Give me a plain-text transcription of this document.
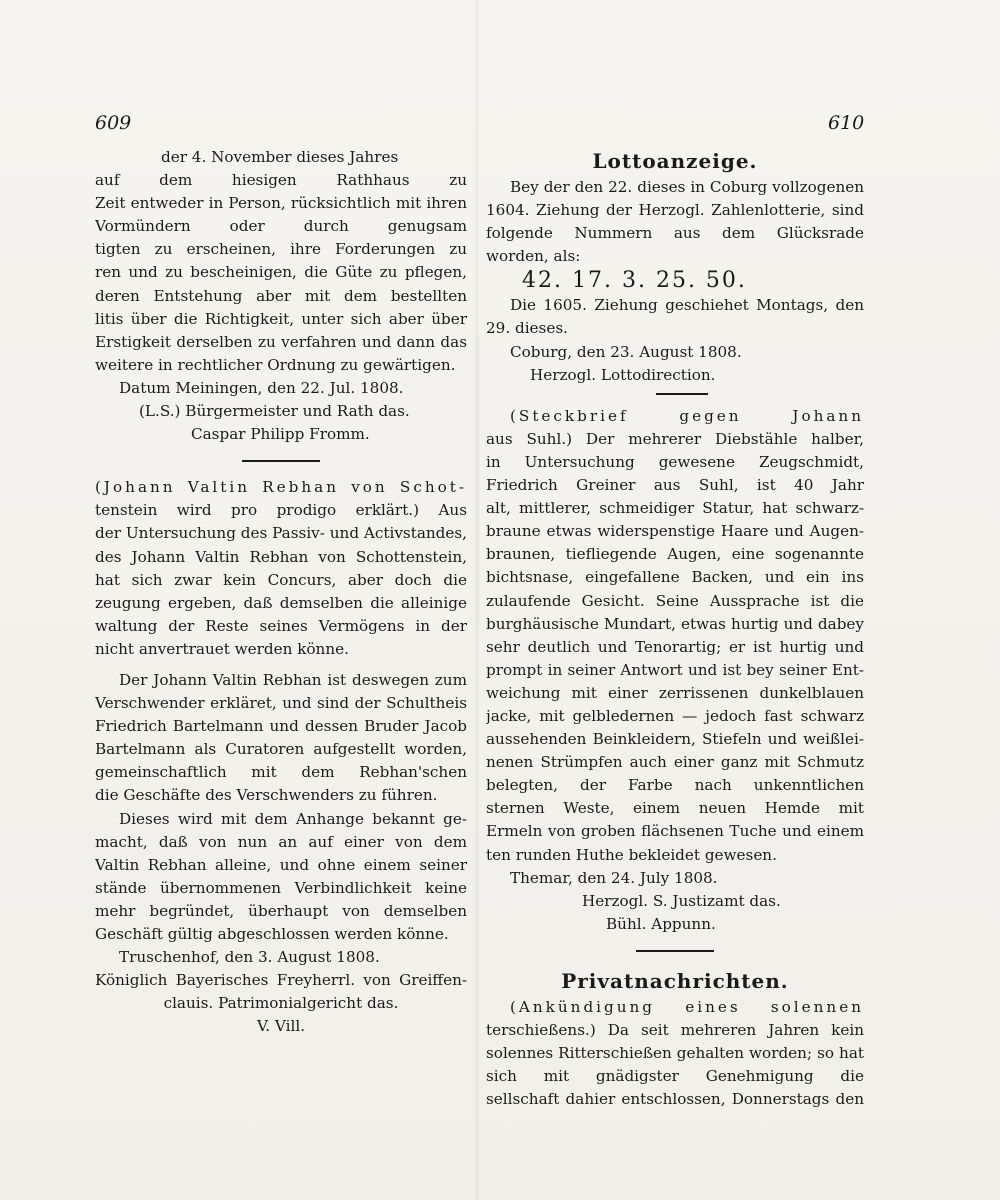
609	610
der 4. November dieses Jahres
auf dem hiesigen Rathhaus zu
Zeit entweder in Person, rücksichtlich mit ihren
Vormündern oder durch genugsam
tigten zu erscheinen, ihre Forderungen zu
ren und zu bescheinigen, die Güte zu pflegen,
deren Entstehung aber mit dem bestellten
litis über die Richtigkeit, unter sich aber über
Erstigkeit derselben zu verfahren und dann das
weitere in rechtlicher Ordnung zu gewärtigen.
Datum Meiningen, den 22. Jul. 1808.
(L.S.) Bürgermeister und Rath das.
Caspar Philipp Fromm.
(Johann Valtin Rebhan von Schot-
tenstein wird pro prodigo erklärt.) Aus
der Untersuchung des Passiv- und Activstandes,
des Johann Valtin Rebhan von Schottenstein,
hat sich zwar kein Concurs, aber doch die
zeugung ergeben, daß demselben die alleinige
waltung der Reste seines Vermögens in der
nicht anvertrauet werden könne.
Der Johann Valtin Rebhan ist deswegen zum
Verschwender erkläret, und sind der Schultheis
Friedrich Bartelmann und dessen Bruder Jacob
Bartelmann als Curatoren aufgestellt worden,
gemeinschaftlich mit dem Rebhan'schen
die Geschäfte des Verschwenders zu führen.
Dieses wird mit dem Anhange bekannt ge-
macht, daß von nun an auf einer von dem
Valtin Rebhan alleine, und ohne einem seiner
stände übernommenen Verbindlichkeit keine
mehr begründet, überhaupt von demselben
Geschäft gültig abgeschlossen werden könne.
Truschenhof, den 3. August 1808.
Königlich Bayerisches Freyherrl. von Greiffen-
clauis. Patrimonialgericht das.
V. Vill.
Lottoanzeige.
Bey der den 22. dieses in Coburg vollzogenen
1604. Ziehung der Herzogl. Zahlenlotterie, sind
folgende Nummern aus dem Glücksrade
worden, als:
42. 17. 3. 25. 50.
Die 1605. Ziehung geschiehet Montags, den
29. dieses.
Coburg, den 23. August 1808.
Herzogl. Lottodirection.
(Steckbrief gegen Johann
aus Suhl.) Der mehrerer Diebstähle halber,
in Untersuchung gewesene Zeugschmidt,
Friedrich Greiner aus Suhl, ist 40 Jahr
alt, mittlerer, schmeidiger Statur, hat schwarz-
braune etwas widerspenstige Haare und Augen-
braunen, tiefliegende Augen, eine sogenannte
bichtsnase, eingefallene Backen, und ein ins
zulaufende Gesicht. Seine Aussprache ist die
burghäusische Mundart, etwas hurtig und dabey
sehr deutlich und Tenorartig; er ist hurtig und
prompt in seiner Antwort und ist bey seiner Ent-
weichung mit einer zerrissenen dunkelblauen
jacke, mit gelbledernen — jedoch fast schwarz
aussehenden Beinkleidern, Stiefeln und weißlei-
nenen Strümpfen auch einer ganz mit Schmutz
belegten, der Farbe nach unkenntlichen
sternen Weste, einem neuen Hemde mit
Ermeln von groben flächsenen Tuche und einem
ten runden Huthe bekleidet gewesen.
Themar, den 24. July 1808.
Herzogl. S. Justizamt das.
Bühl. Appunn.
Privatnachrichten.
(Ankündigung eines solennen
terschießens.) Da seit mehreren Jahren kein
solennes Ritterschießen gehalten worden; so hat
sich mit gnädigster Genehmigung die
sellschaft dahier entschlossen, Donnerstags den
